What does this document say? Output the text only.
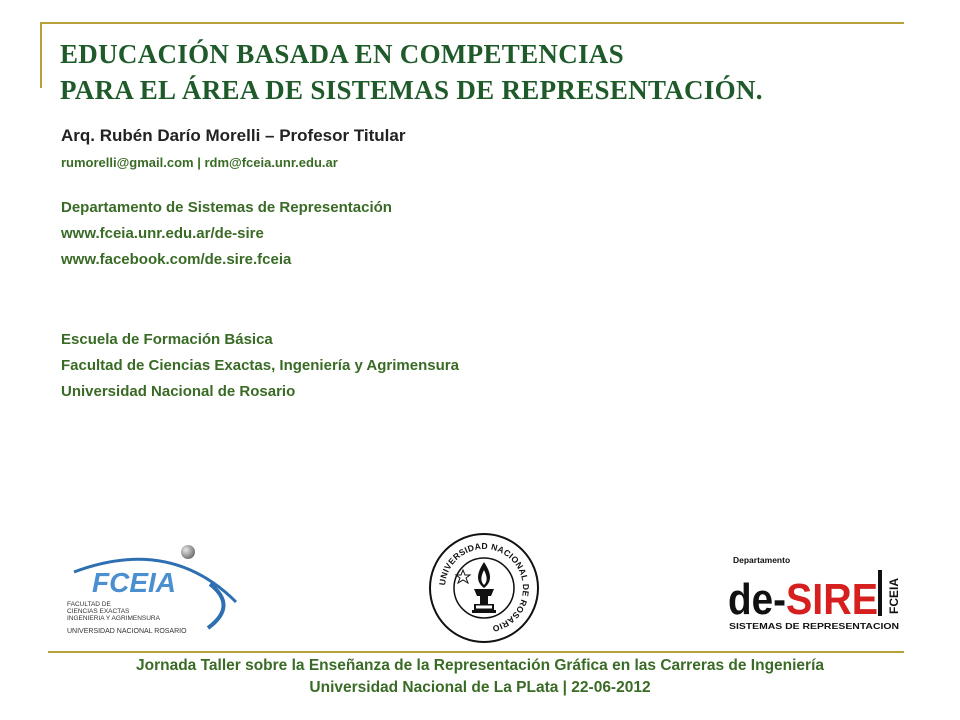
EDUCACIÓN BASADA EN COMPETENCIAS
PARA EL ÁREA DE SISTEMAS DE REPRESENTACIÓN.
Arq. Rubén Darío Morelli – Profesor Titular
rumorelli@gmail.com | rdm@fceia.unr.edu.ar
Departamento de Sistemas de Representación
www.fceia.unr.edu.ar/de-sire
www.facebook.com/de.sire.fceia
Escuela de Formación Básica
Facultad de Ciencias Exactas, Ingeniería y Agrimensura
Universidad Nacional de Rosario
FCEIA
FACULTAD DE
CIENCIAS EXACTAS
INGENIERIA Y AGRIMENSURA
UNIVERSIDAD NACIONAL ROSARIO
UNIVERSIDAD NACIONAL DE ROSARIO
Departamento
de- SIRE FCEIA
SISTEMAS DE REPRESENTACION
Jornada Taller sobre la Enseñanza de la Representación Gráfica en las Carreras de Ingeniería
Universidad Nacional de La PLata | 22-06-2012
